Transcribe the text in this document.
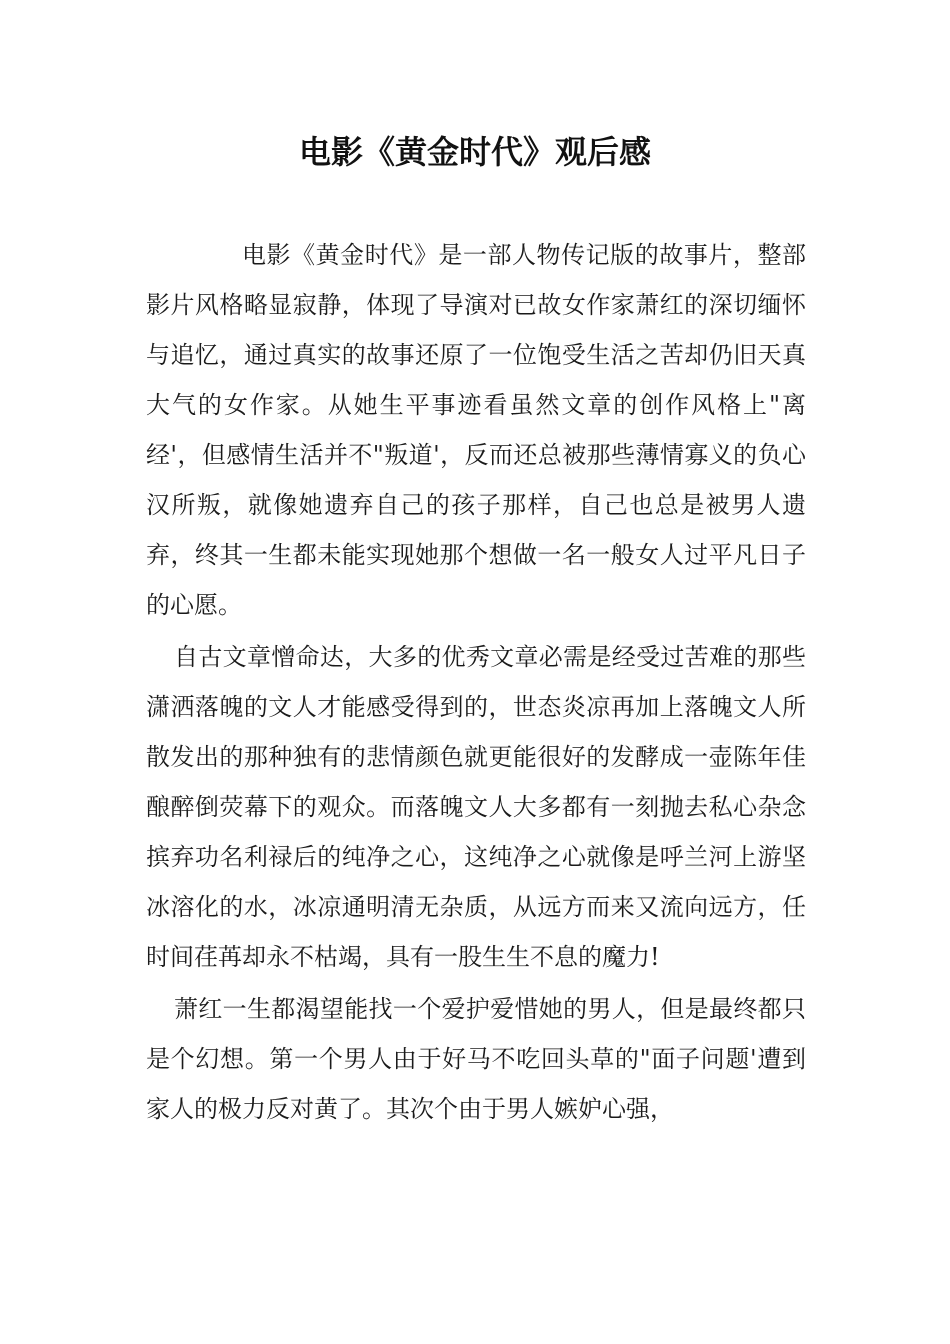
电影《黄金时代》观后感

电影《黄金时代》是一部人物传记版的故事片，整部影片风格略显寂静，体现了导演对已故女作家萧红的深切缅怀与追忆，通过真实的故事还原了一位饱受生活之苦却仍旧天真大气的女作家。从她生平事迹看虽然文章的创作风格上"离经'，但感情生活并不"叛道'，反而还总被那些薄情寡义的负心汉所叛，就像她遗弃自己的孩子那样，自己也总是被男人遗弃，终其一生都未能实现她那个想做一名一般女人过平凡日子的心愿。

自古文章憎命达，大多的优秀文章必需是经受过苦难的那些潇洒落魄的文人才能感受得到的，世态炎凉再加上落魄文人所散发出的那种独有的悲情颜色就更能很好的发酵成一壶陈年佳酿醉倒荧幕下的观众。而落魄文人大多都有一刻抛去私心杂念摈弃功名利禄后的纯净之心，这纯净之心就像是呼兰河上游坚冰溶化的水，冰凉通明清无杂质，从远方而来又流向远方，任时间荏苒却永不枯竭，具有一股生生不息的魔力!

萧红一生都渴望能找一个爱护爱惜她的男人，但是最终都只是个幻想。第一个男人由于好马不吃回头草的"面子问题'遭到家人的极力反对黄了。其次个由于男人嫉妒心强，
